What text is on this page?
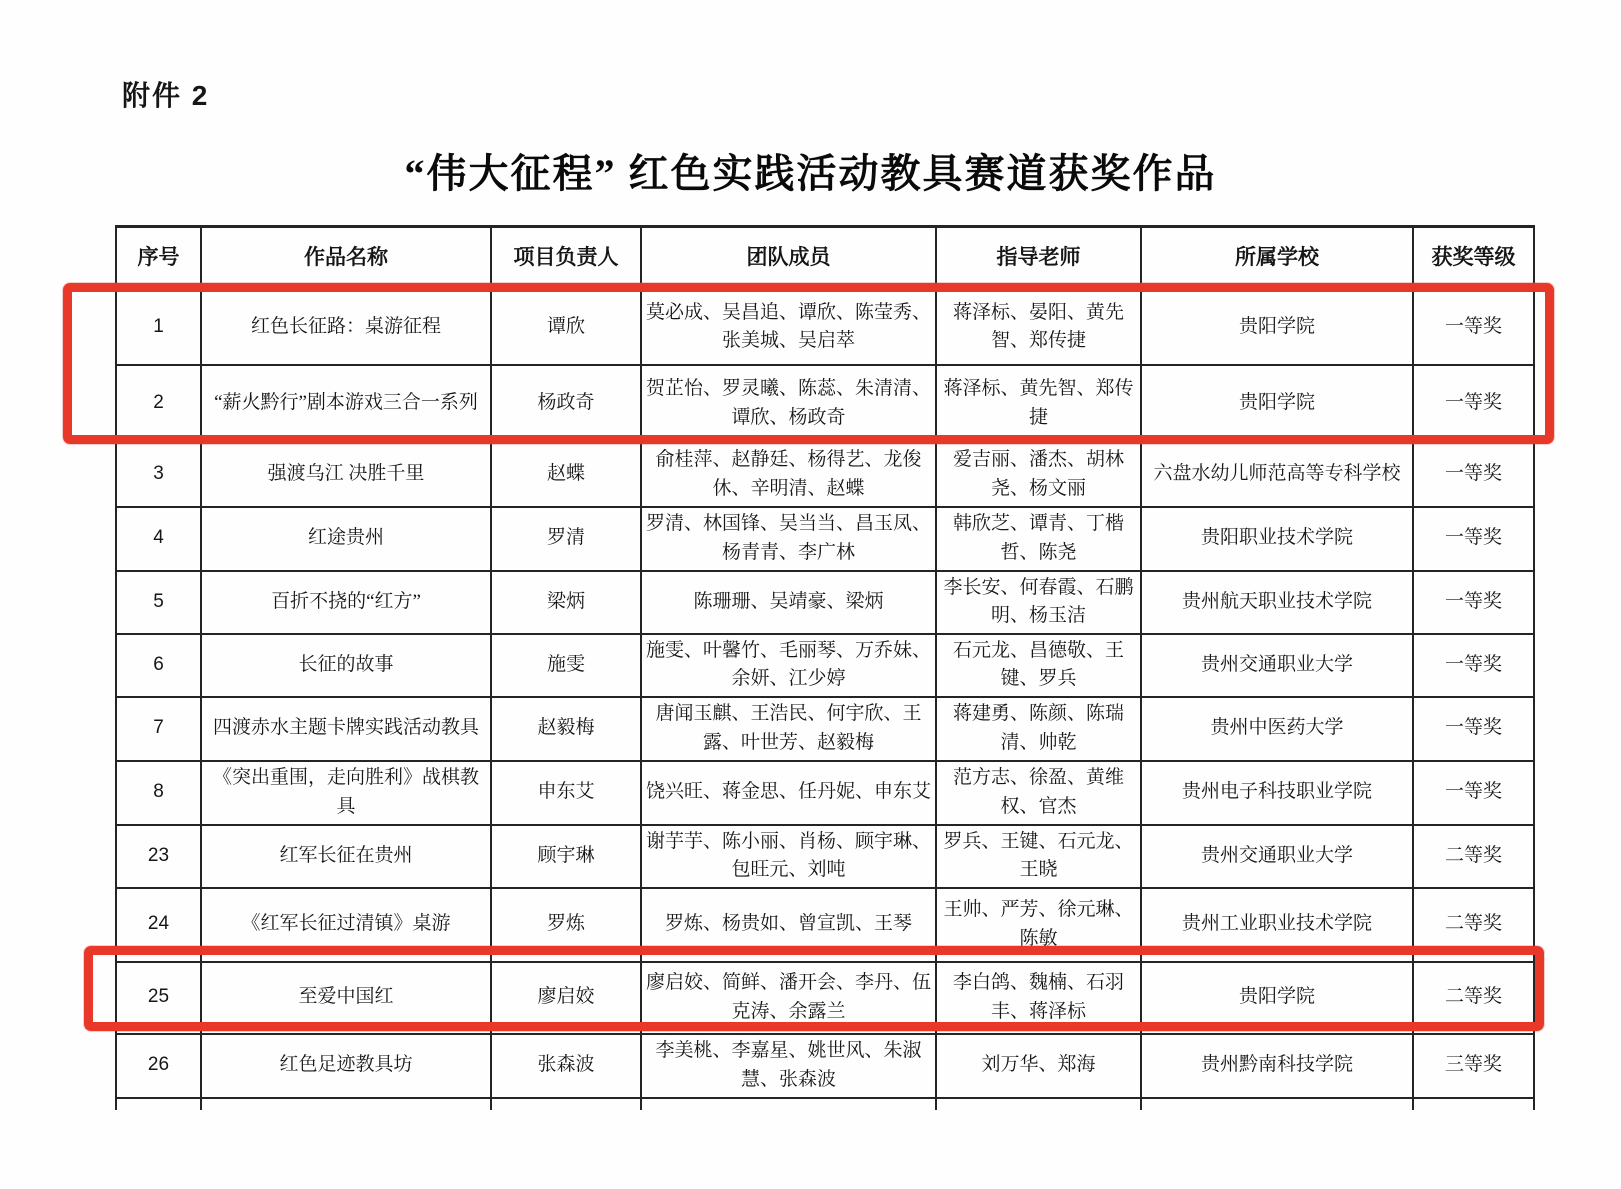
附件 2
“伟大征程” 红色实践活动教具赛道获奖作品
序号	作品名称	项目负责人	团队成员	指导老师	所属学校	获奖等级
1	红色长征路：桌游征程	谭欣	莫必成、吴昌追、谭欣、陈莹秀、张美城、吴启萃	蒋泽标、晏阳、黄先智、郑传捷	贵阳学院	一等奖
2	“薪火黔行”剧本游戏三合一系列	杨政奇	贺芷怡、罗灵曦、陈蕊、朱清清、谭欣、杨政奇	蒋泽标、黄先智、郑传捷	贵阳学院	一等奖
3	强渡乌江 决胜千里	赵蝶	俞桂萍、赵静廷、杨得艺、龙俊休、辛明清、赵蝶	爱吉丽、潘杰、胡林尧、杨文丽	六盘水幼儿师范高等专科学校	一等奖
4	红途贵州	罗清	罗清、林国锋、吴当当、昌玉凤、杨青青、李广林	韩欣芝、谭青、丁楷哲、陈尧	贵阳职业技术学院	一等奖
5	百折不挠的“红方”	梁炳	陈珊珊、吴靖豪、梁炳	李长安、何春霞、石鹏明、杨玉洁	贵州航天职业技术学院	一等奖
6	长征的故事	施雯	施雯、叶馨竹、毛丽琴、万乔妹、余妍、江少婷	石元龙、昌德敬、王键、罗兵	贵州交通职业大学	一等奖
7	四渡赤水主题卡牌实践活动教具	赵毅梅	唐闻玉麒、王浩民、何宇欣、王露、叶世芳、赵毅梅	蒋建勇、陈颜、陈瑞清、帅乾	贵州中医药大学	一等奖
8	《突出重围，走向胜利》战棋教具	申东艾	饶兴旺、蒋金思、任丹妮、申东艾	范方志、徐盈、黄维权、官杰	贵州电子科技职业学院	一等奖
23	红军长征在贵州	顾宇琳	谢芋芋、陈小丽、肖杨、顾宇琳、包旺元、刘吨	罗兵、王键、石元龙、王晓	贵州交通职业大学	二等奖
24	《红军长征过清镇》桌游	罗炼	罗炼、杨贵如、曾宣凯、王琴	王帅、严芳、徐元琳、陈敏	贵州工业职业技术学院	二等奖
25	至爱中国红	廖启姣	廖启姣、简鲜、潘开会、李丹、伍克涛、余露兰	李白鸽、魏楠、石羽丰、蒋泽标	贵阳学院	二等奖
26	红色足迹教具坊	张森波	李美桃、李嘉星、姚世风、朱淑慧、张森波	刘万华、郑海	贵州黔南科技学院	三等奖
